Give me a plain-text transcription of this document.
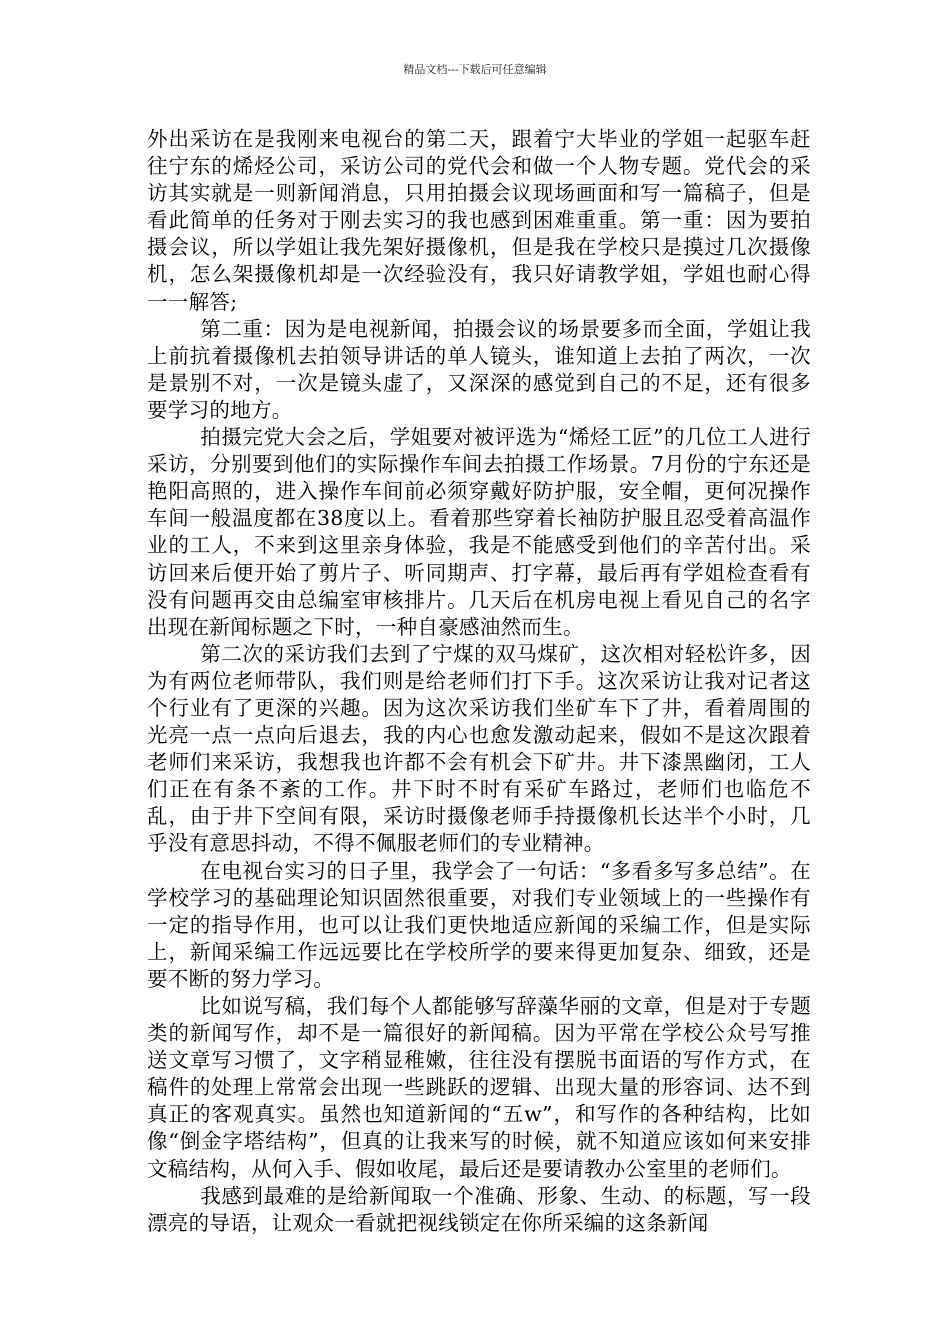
精品文档---下载后可任意编辑

外出采访在是我刚来电视台的第二天，跟着宁大毕业的学姐一起驱车赶往宁东的烯烃公司，采访公司的党代会和做一个人物专题。党代会的采访其实就是一则新闻消息，只用拍摄会议现场画面和写一篇稿子，但是看此简单的任务对于刚去实习的我也感到困难重重。第一重：因为要拍摄会议，所以学姐让我先架好摄像机，但是我在学校只是摸过几次摄像机，怎么架摄像机却是一次经验没有，我只好请教学姐，学姐也耐心得一一解答;

第二重：因为是电视新闻，拍摄会议的场景要多而全面，学姐让我上前抗着摄像机去拍领导讲话的单人镜头，谁知道上去拍了两次，一次是景别不对，一次是镜头虚了，又深深的感觉到自己的不足，还有很多要学习的地方。

拍摄完党大会之后，学姐要对被评选为“烯烃工匠”的几位工人进行采访，分别要到他们的实际操作车间去拍摄工作场景。7月份的宁东还是艳阳高照的，进入操作车间前必须穿戴好防护服，安全帽，更何况操作车间一般温度都在38度以上。看着那些穿着长袖防护服且忍受着高温作业的工人，不来到这里亲身体验，我是不能感受到他们的辛苦付出。采访回来后便开始了剪片子、听同期声、打字幕，最后再有学姐检查看有没有问题再交由总编室审核排片。几天后在机房电视上看见自己的名字出现在新闻标题之下时，一种自豪感油然而生。

第二次的采访我们去到了宁煤的双马煤矿，这次相对轻松许多，因为有两位老师带队，我们则是给老师们打下手。这次采访让我对记者这个行业有了更深的兴趣。因为这次采访我们坐矿车下了井，看着周围的光亮一点一点向后退去，我的内心也愈发激动起来，假如不是这次跟着老师们来采访，我想我也许都不会有机会下矿井。井下漆黑幽闭，工人们正在有条不紊的工作。井下时不时有采矿车路过，老师们也临危不乱，由于井下空间有限，采访时摄像老师手持摄像机长达半个小时，几乎没有意思抖动，不得不佩服老师们的专业精神。

在电视台实习的日子里，我学会了一句话：“多看多写多总结”。在学校学习的基础理论知识固然很重要，对我们专业领域上的一些操作有一定的指导作用，也可以让我们更快地适应新闻的采编工作，但是实际上，新闻采编工作远远要比在学校所学的要来得更加复杂、细致，还是要不断的努力学习。

比如说写稿，我们每个人都能够写辞藻华丽的文章，但是对于专题类的新闻写作，却不是一篇很好的新闻稿。因为平常在学校公众号写推送文章写习惯了，文字稍显稚嫩，往往没有摆脱书面语的写作方式，在稿件的处理上常常会出现一些跳跃的逻辑、出现大量的形容词、达不到真正的客观真实。虽然也知道新闻的“五w”，和写作的各种结构，比如像“倒金字塔结构”，但真的让我来写的时候，就不知道应该如何来安排文稿结构，从何入手、假如收尾，最后还是要请教办公室里的老师们。

我感到最难的是给新闻取一个准确、形象、生动、的标题，写一段漂亮的导语，让观众一看就把视线锁定在你所采编的这条新闻
